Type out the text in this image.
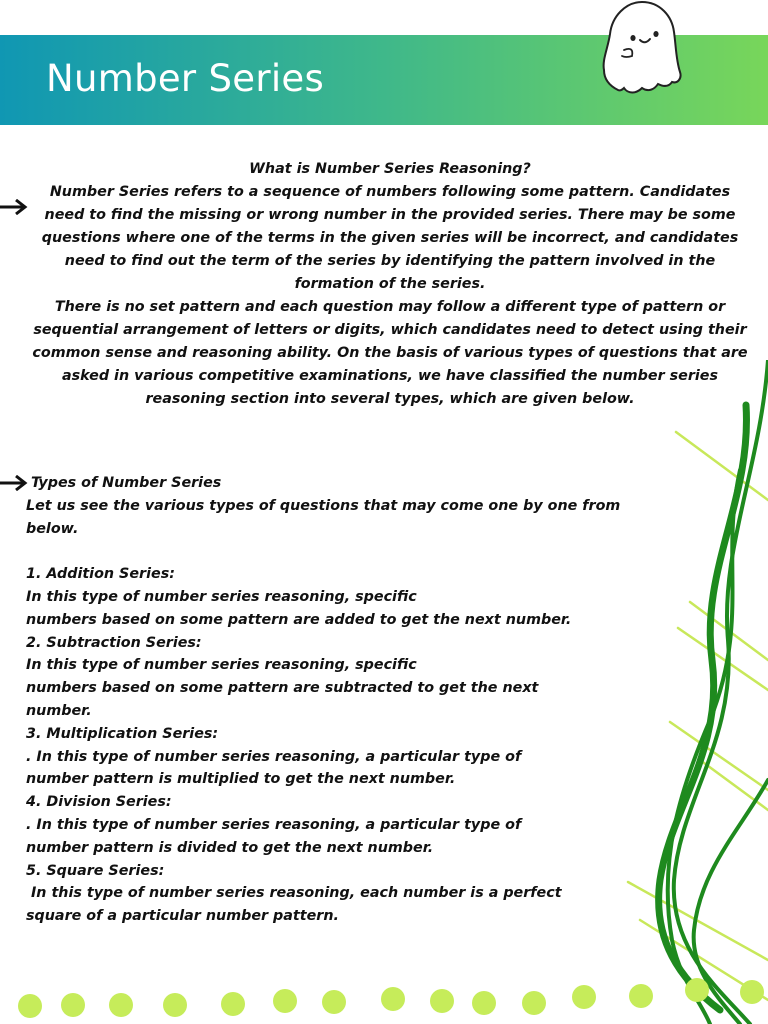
Number Series

What is Number Series Reasoning?

Number Series refers to a sequence of numbers following some pattern. Candidates need to find the missing or wrong number in the provided series. There may be some questions where one of the terms in the given series will be incorrect, and candidates need to find out the term of the series by identifying the pattern involved in the formation of the series.

There is no set pattern and each question may follow a different type of pattern or sequential arrangement of letters or digits, which candidates need to detect using their common sense and reasoning ability. On the basis of various types of questions that are asked in various competitive examinations, we have classified the number series reasoning section into several types, which are given below.

Types of Number Series

Let us see the various types of questions that may come one by one from below.

1. Addition Series:

In this type of number series reasoning, specific

numbers based on some pattern are added to get the next number.

2. Subtraction Series:

In this type of number series reasoning, specific

numbers based on some pattern are subtracted to get the next number.

3. Multiplication Series:

. In this type of number series reasoning, a particular type of number pattern is multiplied to get the next number.

4. Division Series:

. In this type of number series reasoning, a particular type of number pattern is divided to get the next number.

5. Square Series:

In this type of number series reasoning, each number is a perfect square of a particular number pattern.
